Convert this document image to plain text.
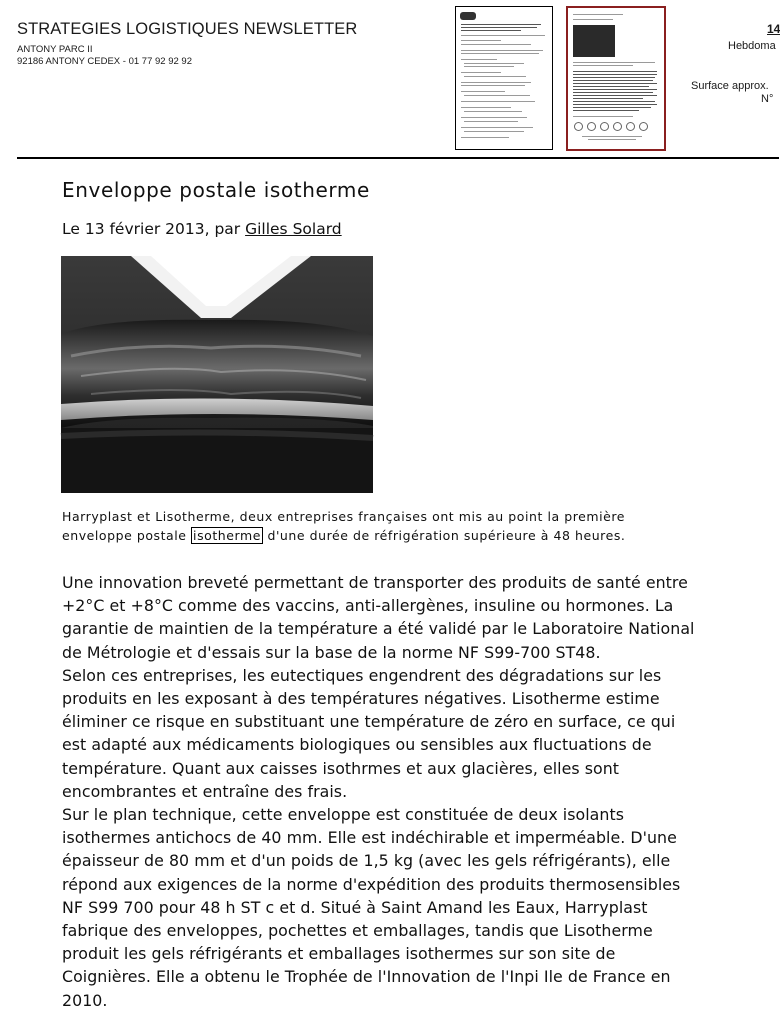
STRATEGIES LOGISTIQUES NEWSLETTER
ANTONY PARC II
92186 ANTONY CEDEX - 01 77 92 92 92
14
Hebdoma
Surface approx.
N°
Enveloppe postale isotherme
Le 13 février 2013, par Gilles Solard
Harryplast et Lisotherme, deux entreprises françaises ont mis au point la première
enveloppe postale isotherme d'une durée de réfrigération supérieure à 48 heures.
Une innovation breveté permettant de transporter des produits de santé entre
+2°C et +8°C comme des vaccins, anti-allergènes, insuline ou hormones. La
garantie de maintien de la température a été validé par le Laboratoire National
de Métrologie et d'essais sur la base de la norme NF S99-700 ST48.
Selon ces entreprises, les eutectiques engendrent des dégradations sur les
produits en les exposant à des températures négatives. Lisotherme estime
éliminer ce risque en substituant une température de zéro en surface, ce qui
est adapté aux médicaments biologiques ou sensibles aux fluctuations de
température. Quant aux caisses isothrmes et aux glacières, elles sont
encombrantes et entraîne des frais.
Sur le plan technique, cette enveloppe est constituée de deux isolants
isothermes antichocs de 40 mm. Elle est indéchirable et imperméable. D'une
épaisseur de 80 mm et d'un poids de 1,5 kg (avec les gels réfrigérants), elle
répond aux exigences de la norme d'expédition des produits thermosensibles
NF S99 700 pour 48 h ST c et d. Situé à Saint Amand les Eaux, Harryplast
fabrique des enveloppes, pochettes et emballages, tandis que Lisotherme
produit les gels réfrigérants et emballages isothermes sur son site de
Coignières. Elle a obtenu le Trophée de l'Innovation de l'Inpi Ile de France en
2010.
